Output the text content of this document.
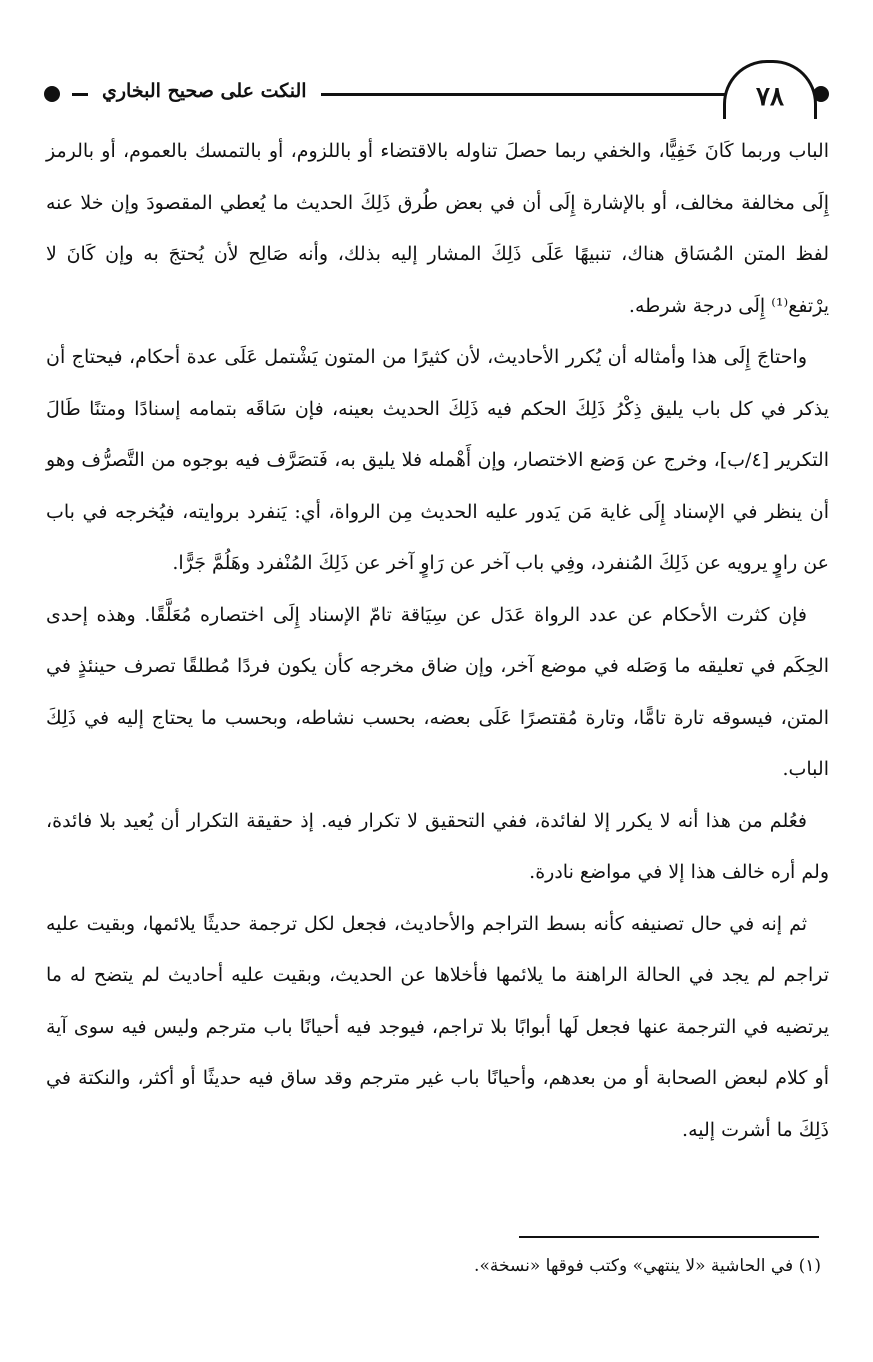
النكت على صحيح البخاري	٧٨

الباب وربما كَانَ خَفِيًّا، والخفي ربما حصلَ تناوله بالاقتضاء أو باللزوم، أو بالتمسك بالعموم، أو بالرمز إِلَى مخالفة مخالف، أو بالإشارة إِلَى أن في بعض طُرق ذَلِكَ الحديث ما يُعطي المقصودَ وإن خلا عنه لفظ المتن المُسَاق هناك، تنبيهًا عَلَى ذَلِكَ المشار إليه بذلك، وأنه صَالِح لأن يُحتجَ به وإن كَانَ لا يرْتفع⁽¹⁾ إِلَى درجة شرطه.

واحتاجَ إِلَى هذا وأمثاله أن يُكرر الأحاديث، لأن كثيرًا من المتون يَشْتمل عَلَى عدة أحكام، فيحتاج أن يذكر في كل باب يليق ذِكْرُ ذَلِكَ الحكم فيه ذَلِكَ الحديث بعينه، فإن سَاقَه بتمامه إسنادًا ومتنًا طَالَ التكرير [٤/ب]، وخرج عن وَضع الاختصار، وإن أَهْمله فلا يليق به، فَتصَرَّف فيه بوجوه من التَّصرُّف وهو أن ينظر في الإسناد إِلَى غاية مَن يَدور عليه الحديث مِن الرواة، أي: يَنفرد بروايته، فيُخرجه في باب عن راوٍ يرويه عن ذَلِكَ المُنفرد، وفِي باب آخر عن رَاوٍ آخر عن ذَلِكَ المُنْفرد وهَلُمَّ جَرًّا.

فإن كثرت الأحكام عن عدد الرواة عَدَل عن سِيَاقة تامّ الإسناد إِلَى اختصاره مُعَلَّقًا. وهذه إحدى الحِكَم في تعليقه ما وَصَله في موضع آخر، وإن ضاق مخرجه كأن يكون فردًا مُطلقًا تصرف حينئذٍ في المتن، فيسوقه تارة تامًّا، وتارة مُقتصرًا عَلَى بعضه، بحسب نشاطه، وبحسب ما يحتاج إليه في ذَلِكَ الباب.

فعُلم من هذا أنه لا يكرر إلا لفائدة، ففي التحقيق لا تكرار فيه. إذ حقيقة التكرار أن يُعيد بلا فائدة، ولم أره خالف هذا إلا في مواضع نادرة.

ثم إنه في حال تصنيفه كأنه بسط التراجم والأحاديث، فجعل لكل ترجمة حديثًا يلائمها، وبقيت عليه تراجم لم يجد في الحالة الراهنة ما يلائمها فأخلاها عن الحديث، وبقيت عليه أحاديث لم يتضح له ما يرتضيه في الترجمة عنها فجعل لَها أبوابًا بلا تراجم، فيوجد فيه أحيانًا باب مترجم وليس فيه سوى آية أو كلام لبعض الصحابة أو من بعدهم، وأحيانًا باب غير مترجم وقد ساق فيه حديثًا أو أكثر، والنكتة في ذَلِكَ ما أشرت إليه.

(١) في الحاشية «لا ينتهي» وكتب فوقها «نسخة».
